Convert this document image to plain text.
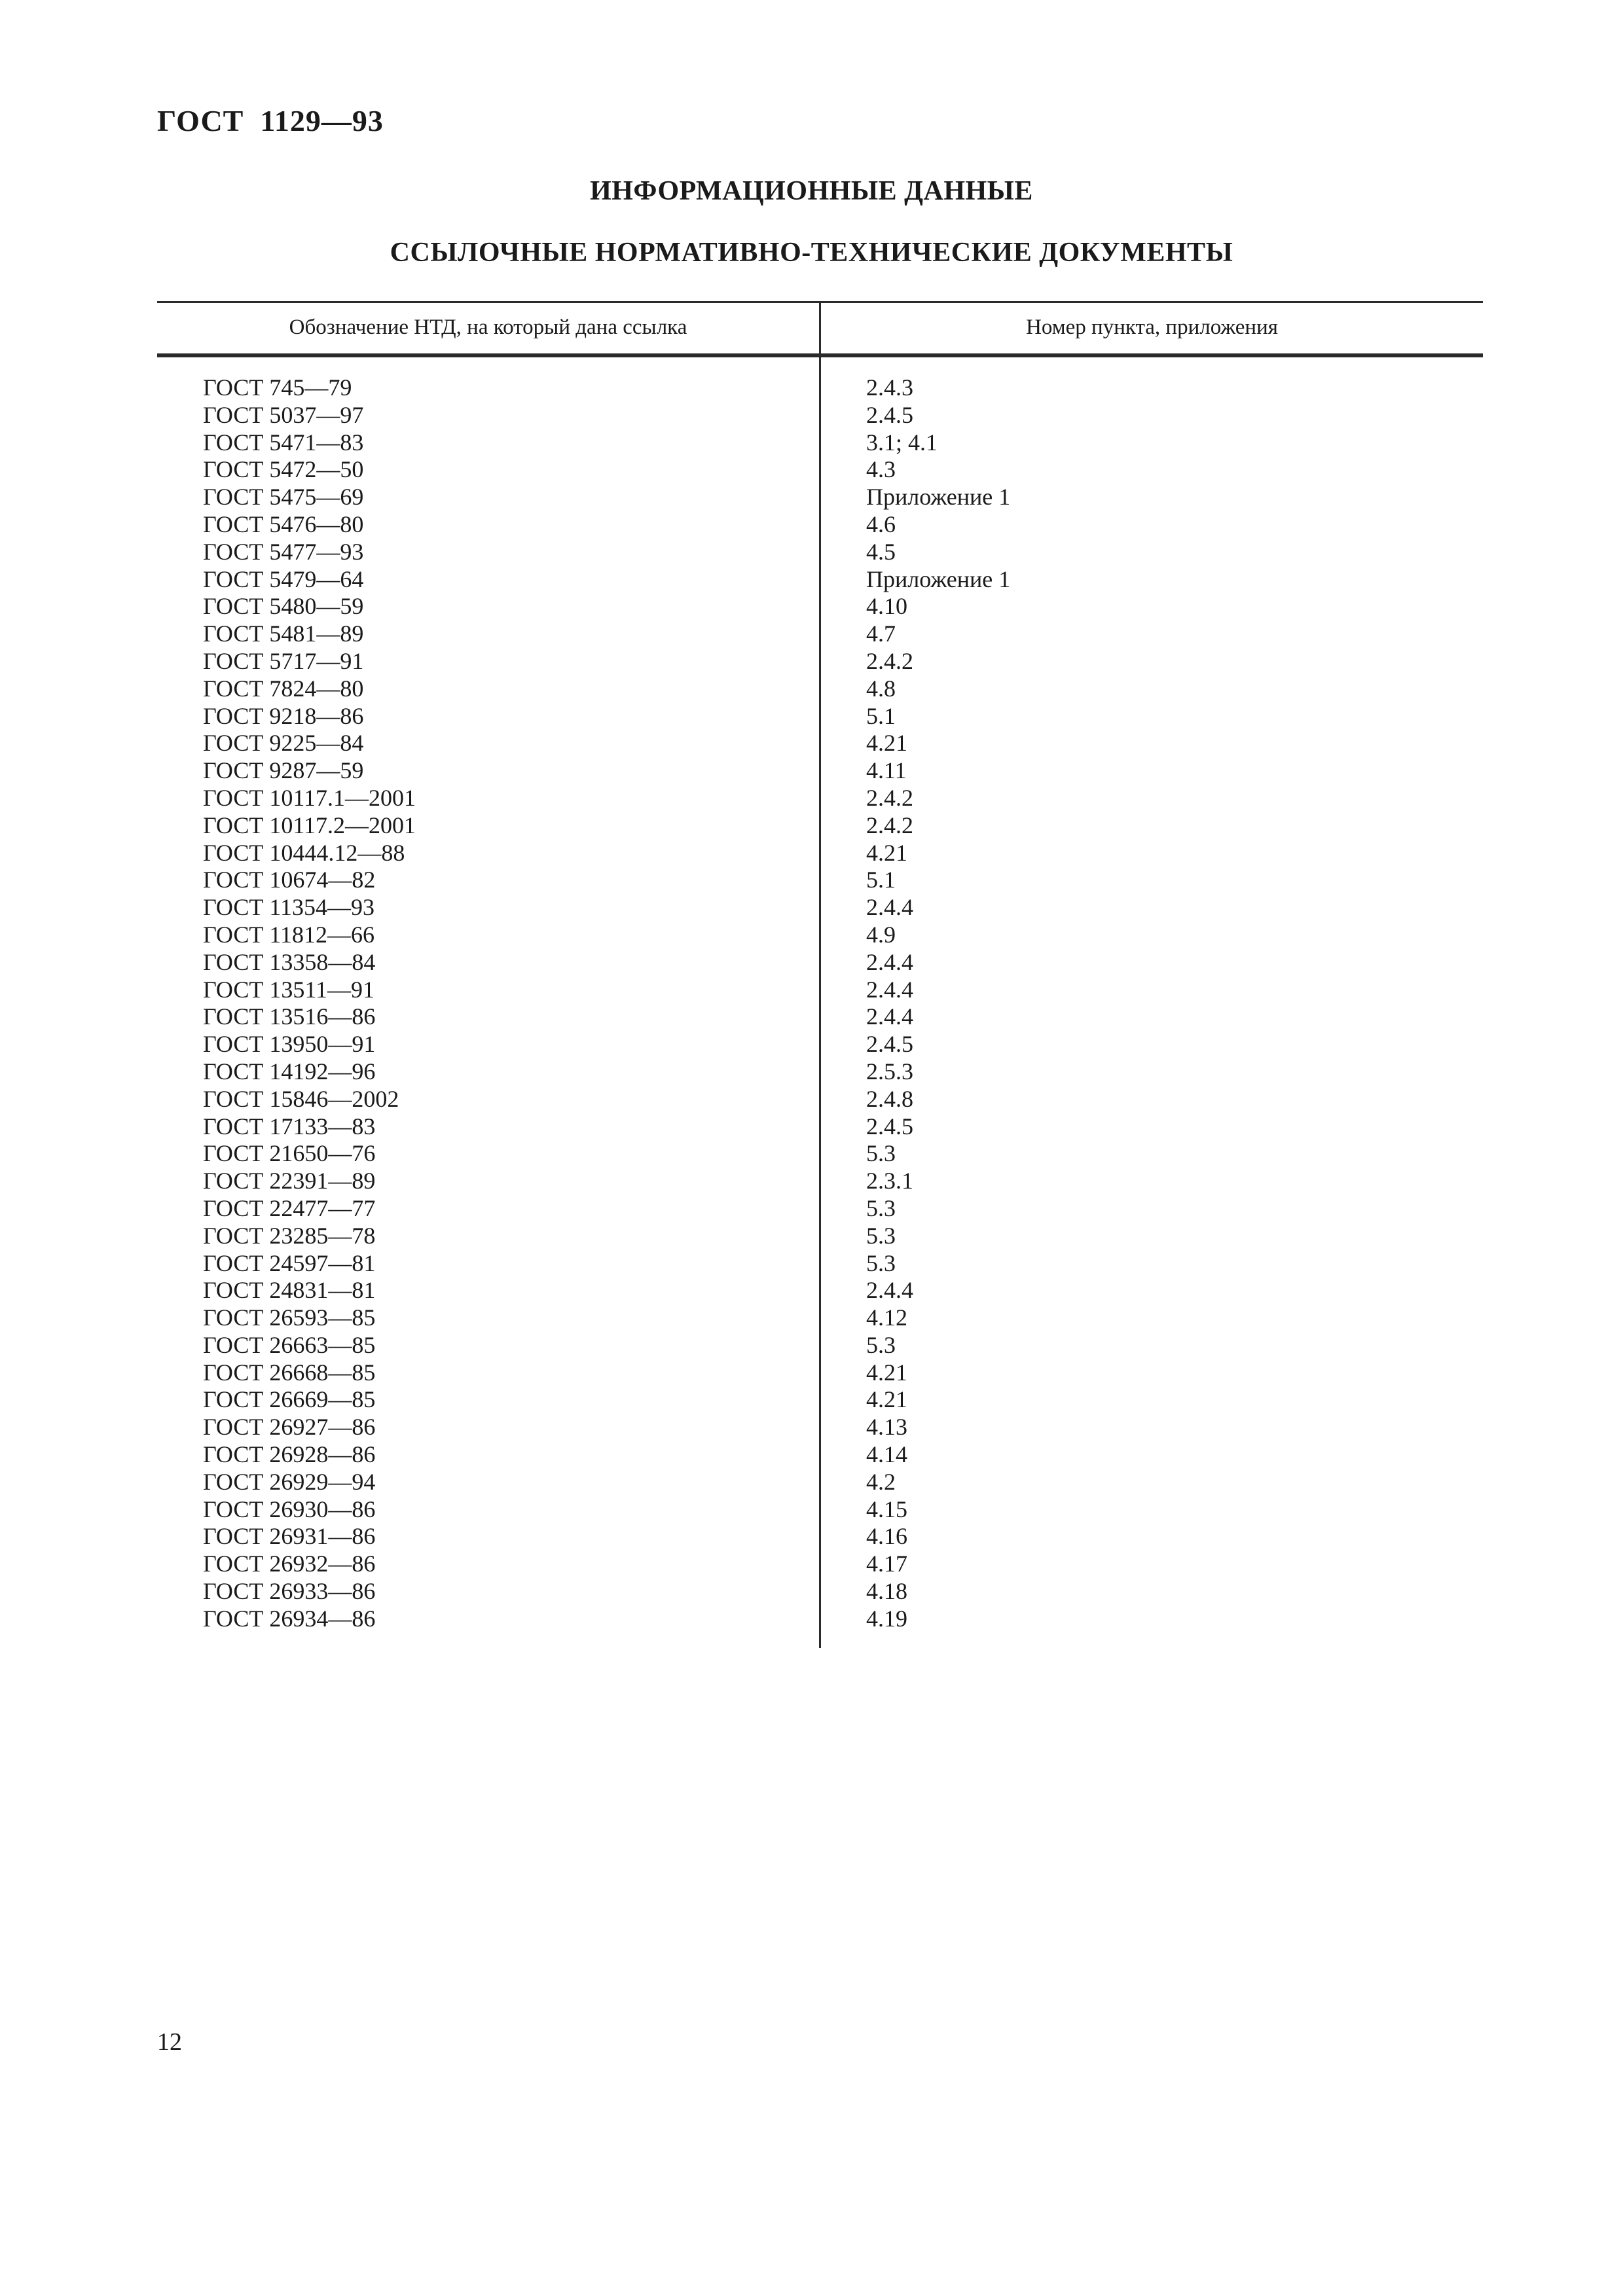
ГОСТ  1129—93
ИНФОРМАЦИОННЫЕ ДАННЫЕ
ССЫЛОЧНЫЕ НОРМАТИВНО-ТЕХНИЧЕСКИЕ ДОКУМЕНТЫ
Обозначение НТД, на который дана ссылка	Номер пункта, приложения
ГОСТ 745—79	2.4.3
ГОСТ 5037—97	2.4.5
ГОСТ 5471—83	3.1; 4.1
ГОСТ 5472—50	4.3
ГОСТ 5475—69	Приложение 1
ГОСТ 5476—80	4.6
ГОСТ 5477—93	4.5
ГОСТ 5479—64	Приложение 1
ГОСТ 5480—59	4.10
ГОСТ 5481—89	4.7
ГОСТ 5717—91	2.4.2
ГОСТ 7824—80	4.8
ГОСТ 9218—86	5.1
ГОСТ 9225—84	4.21
ГОСТ 9287—59	4.11
ГОСТ 10117.1—2001	2.4.2
ГОСТ 10117.2—2001	2.4.2
ГОСТ 10444.12—88	4.21
ГОСТ 10674—82	5.1
ГОСТ 11354—93	2.4.4
ГОСТ 11812—66	4.9
ГОСТ 13358—84	2.4.4
ГОСТ 13511—91	2.4.4
ГОСТ 13516—86	2.4.4
ГОСТ 13950—91	2.4.5
ГОСТ 14192—96	2.5.3
ГОСТ 15846—2002	2.4.8
ГОСТ 17133—83	2.4.5
ГОСТ 21650—76	5.3
ГОСТ 22391—89	2.3.1
ГОСТ 22477—77	5.3
ГОСТ 23285—78	5.3
ГОСТ 24597—81	5.3
ГОСТ 24831—81	2.4.4
ГОСТ 26593—85	4.12
ГОСТ 26663—85	5.3
ГОСТ 26668—85	4.21
ГОСТ 26669—85	4.21
ГОСТ 26927—86	4.13
ГОСТ 26928—86	4.14
ГОСТ 26929—94	4.2
ГОСТ 26930—86	4.15
ГОСТ 26931—86	4.16
ГОСТ 26932—86	4.17
ГОСТ 26933—86	4.18
ГОСТ 26934—86	4.19
12
